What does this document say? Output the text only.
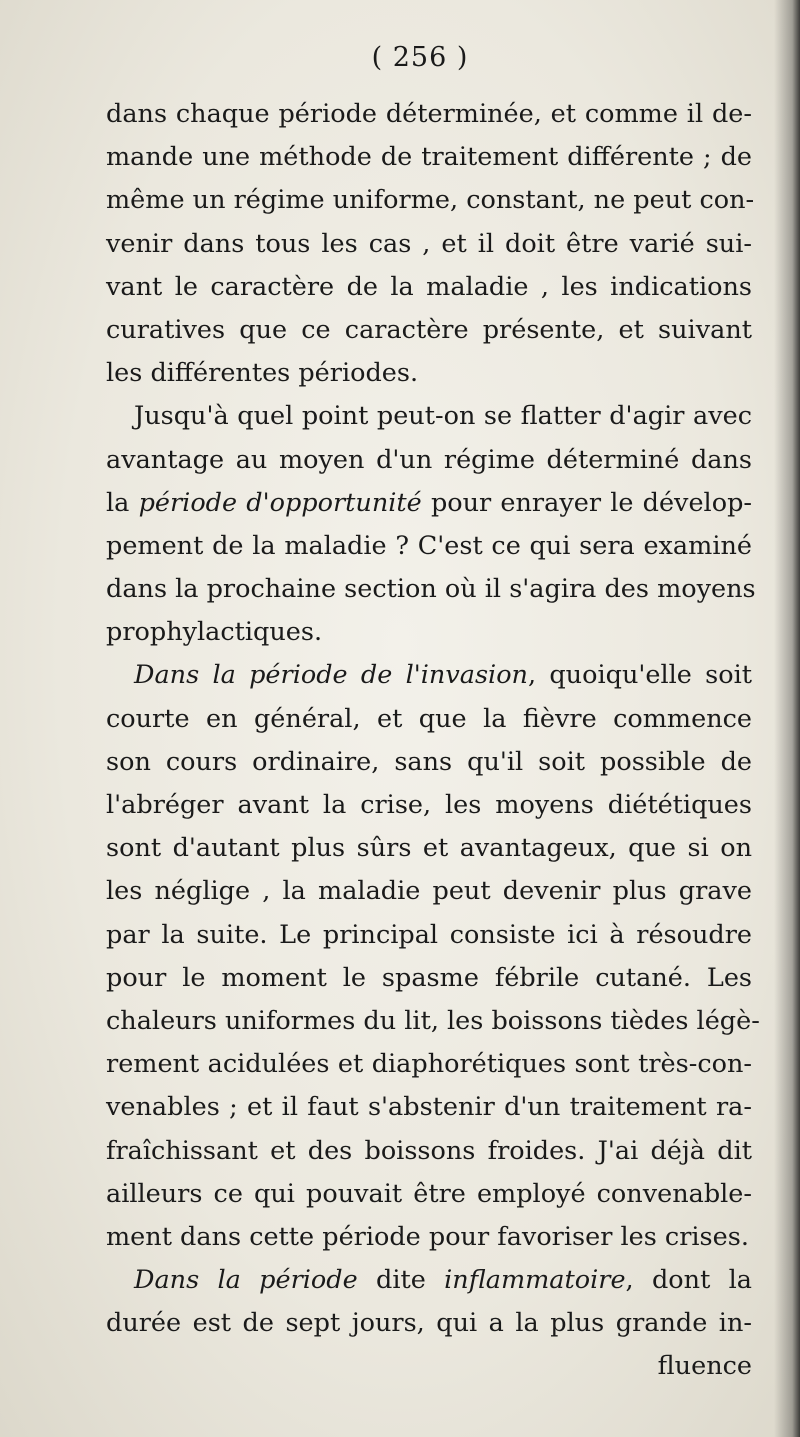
( 256 )
dans chaque période déterminée, et comme il de-
mande une méthode de traitement différente ; de
même un régime uniforme, constant, ne peut con-
venir dans tous les cas , et il doit être varié sui-
vant le caractère de la maladie , les indications
curatives que ce caractère présente, et suivant
les différentes périodes.
Jusqu'à quel point peut-on se flatter d'agir avec
avantage au moyen d'un régime déterminé dans
la période d'opportunité pour enrayer le dévelop-
pement de la maladie ? C'est ce qui sera examiné
dans la prochaine section où il s'agira des moyens
prophylactiques.
Dans la période de l'invasion, quoiqu'elle soit
courte en général, et que la fièvre commence
son cours ordinaire, sans qu'il soit possible de
l'abréger avant la crise, les moyens diététiques
sont d'autant plus sûrs et avantageux, que si on
les néglige , la maladie peut devenir plus grave
par la suite. Le principal consiste ici à résoudre
pour le moment le spasme fébrile cutané. Les
chaleurs uniformes du lit, les boissons tièdes légè-
rement acidulées et diaphorétiques sont très-con-
venables ; et il faut s'abstenir d'un traitement ra-
fraîchissant et des boissons froides. J'ai déjà dit
ailleurs ce qui pouvait être employé convenable-
ment dans cette période pour favoriser les crises.
Dans la période dite inflammatoire, dont la
durée est de sept jours, qui a la plus grande in-
fluence
